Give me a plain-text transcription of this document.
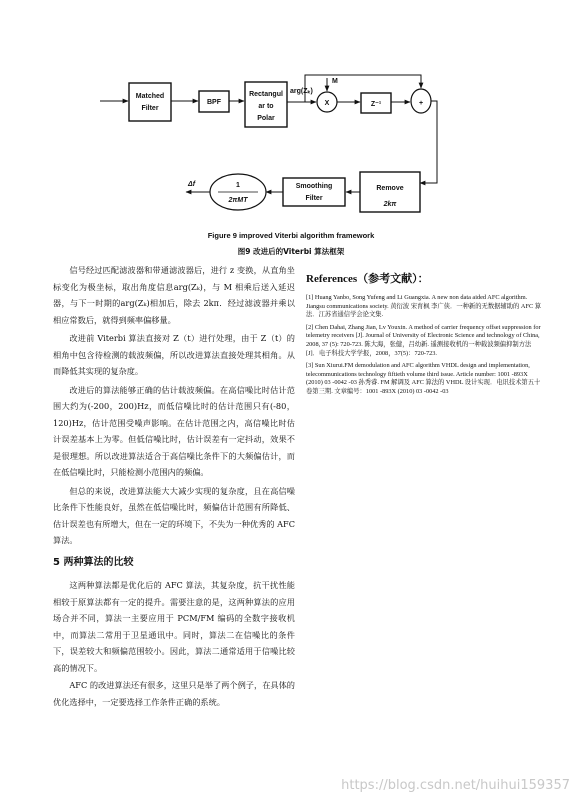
Matched
Filter
BPF
Rectangul
ar to
Polar
Z⁻¹
Remove
2kπ
Smoothing
Filter
1
2πMT
arg(Zₖ)
M
X	+
Δf
Figure 9 improved Viterbi algorithm framework
图9 改进后的Viterbi 算法框架

信号经过匹配滤波器和带通滤波器后，进行 z 变换，从直角坐标变化为极坐标，取出角度信息arg(Zₖ)，与 M 相乘后送入延迟器，与下一时期的arg(Zₖ)相加后，除去 2kπ．经过滤波器并乘以相应常数后，就得到频率偏移量。

改进前 Viterbi 算法直接对 Z（t）进行处理，由于 Z（t）的相角中包含待检测的载波频偏，所以改进算法直接处理其相角。从而降低其实现的复杂度。

改进后的算法能够正确的估计载波频偏。在高信噪比时估计范围大约为(-200，200)Hz，而低信噪比时的估计范围只有(-80，120)Hz，估计范围受噪声影响。在估计范围之内，高信噪比时估计误差基本上为零。但低信噪比时，估计误差有一定抖动，效果不是很理想。所以改进算法适合于高信噪比条件下的大频偏估计，而在低信噪比时，只能检测小范围内的频偏。

但总的来说，改进算法能大大减少实现的复杂度，且在高信噪比条件下性能良好，虽然在低信噪比时，频偏估计范围有所降低、估计误差也有所增大，但在一定的环境下，不失为一种优秀的 AFC 算法。

5 两种算法的比较

这两种算法都是优化后的 AFC 算法，其复杂度，抗干扰性能相较于原算法都有一定的提升。需要注意的是，这两种算法的应用场合并不同，算法一主要应用于 PCM/FM 编码的全数字接收机中，而算法二常用于卫星通讯中。同时，算法二在信噪比的条件下，误差较大和频偏范围较小。因此，算法二通常适用于信噪比较高的情况下。

AFC 的改进算法还有很多，这里只是举了两个例子，在具体的优化选择中，一定要选择工作条件正确的系统。

References（参考文献）：
[1] Huang Yanbo, Song Yufeng and Li Guangxia. A new non data aided AFC algorithm. Jiangsu communications society. 黄衍波 宋育枫 李广侠．一种新的无数据辅助的 AFC 算法．江苏省通信学会论文集.
[2] Chen Dahai, Zhang Jian, Lv Youxin. A method of carrier frequency offset suppression for telemetry receivers [J]. Journal of University of Electronic Science and technology of China, 2008, 37 (5): 720-723. 陈大海，张健，吕幼新. 遥测接收机的一种载波频偏抑制方法[J]．电子科技大学学报，2008，37(5)：720-723.
[3] Sun Xiurui.FM demodulation and AFC algorithm VHDL design and implementation, telecommunications technology fiftieth volume third issue. Article number: 1001 -893X (2010) 03 -0042 -03 孙秀睿. FM 解调及 AFC 算法的 VHDL 设计实现．电讯技术第五十卷第三期. 文章编号：1001 -893X (2010) 03 -0042 -03
https://blog.csdn.net/huihui159357
